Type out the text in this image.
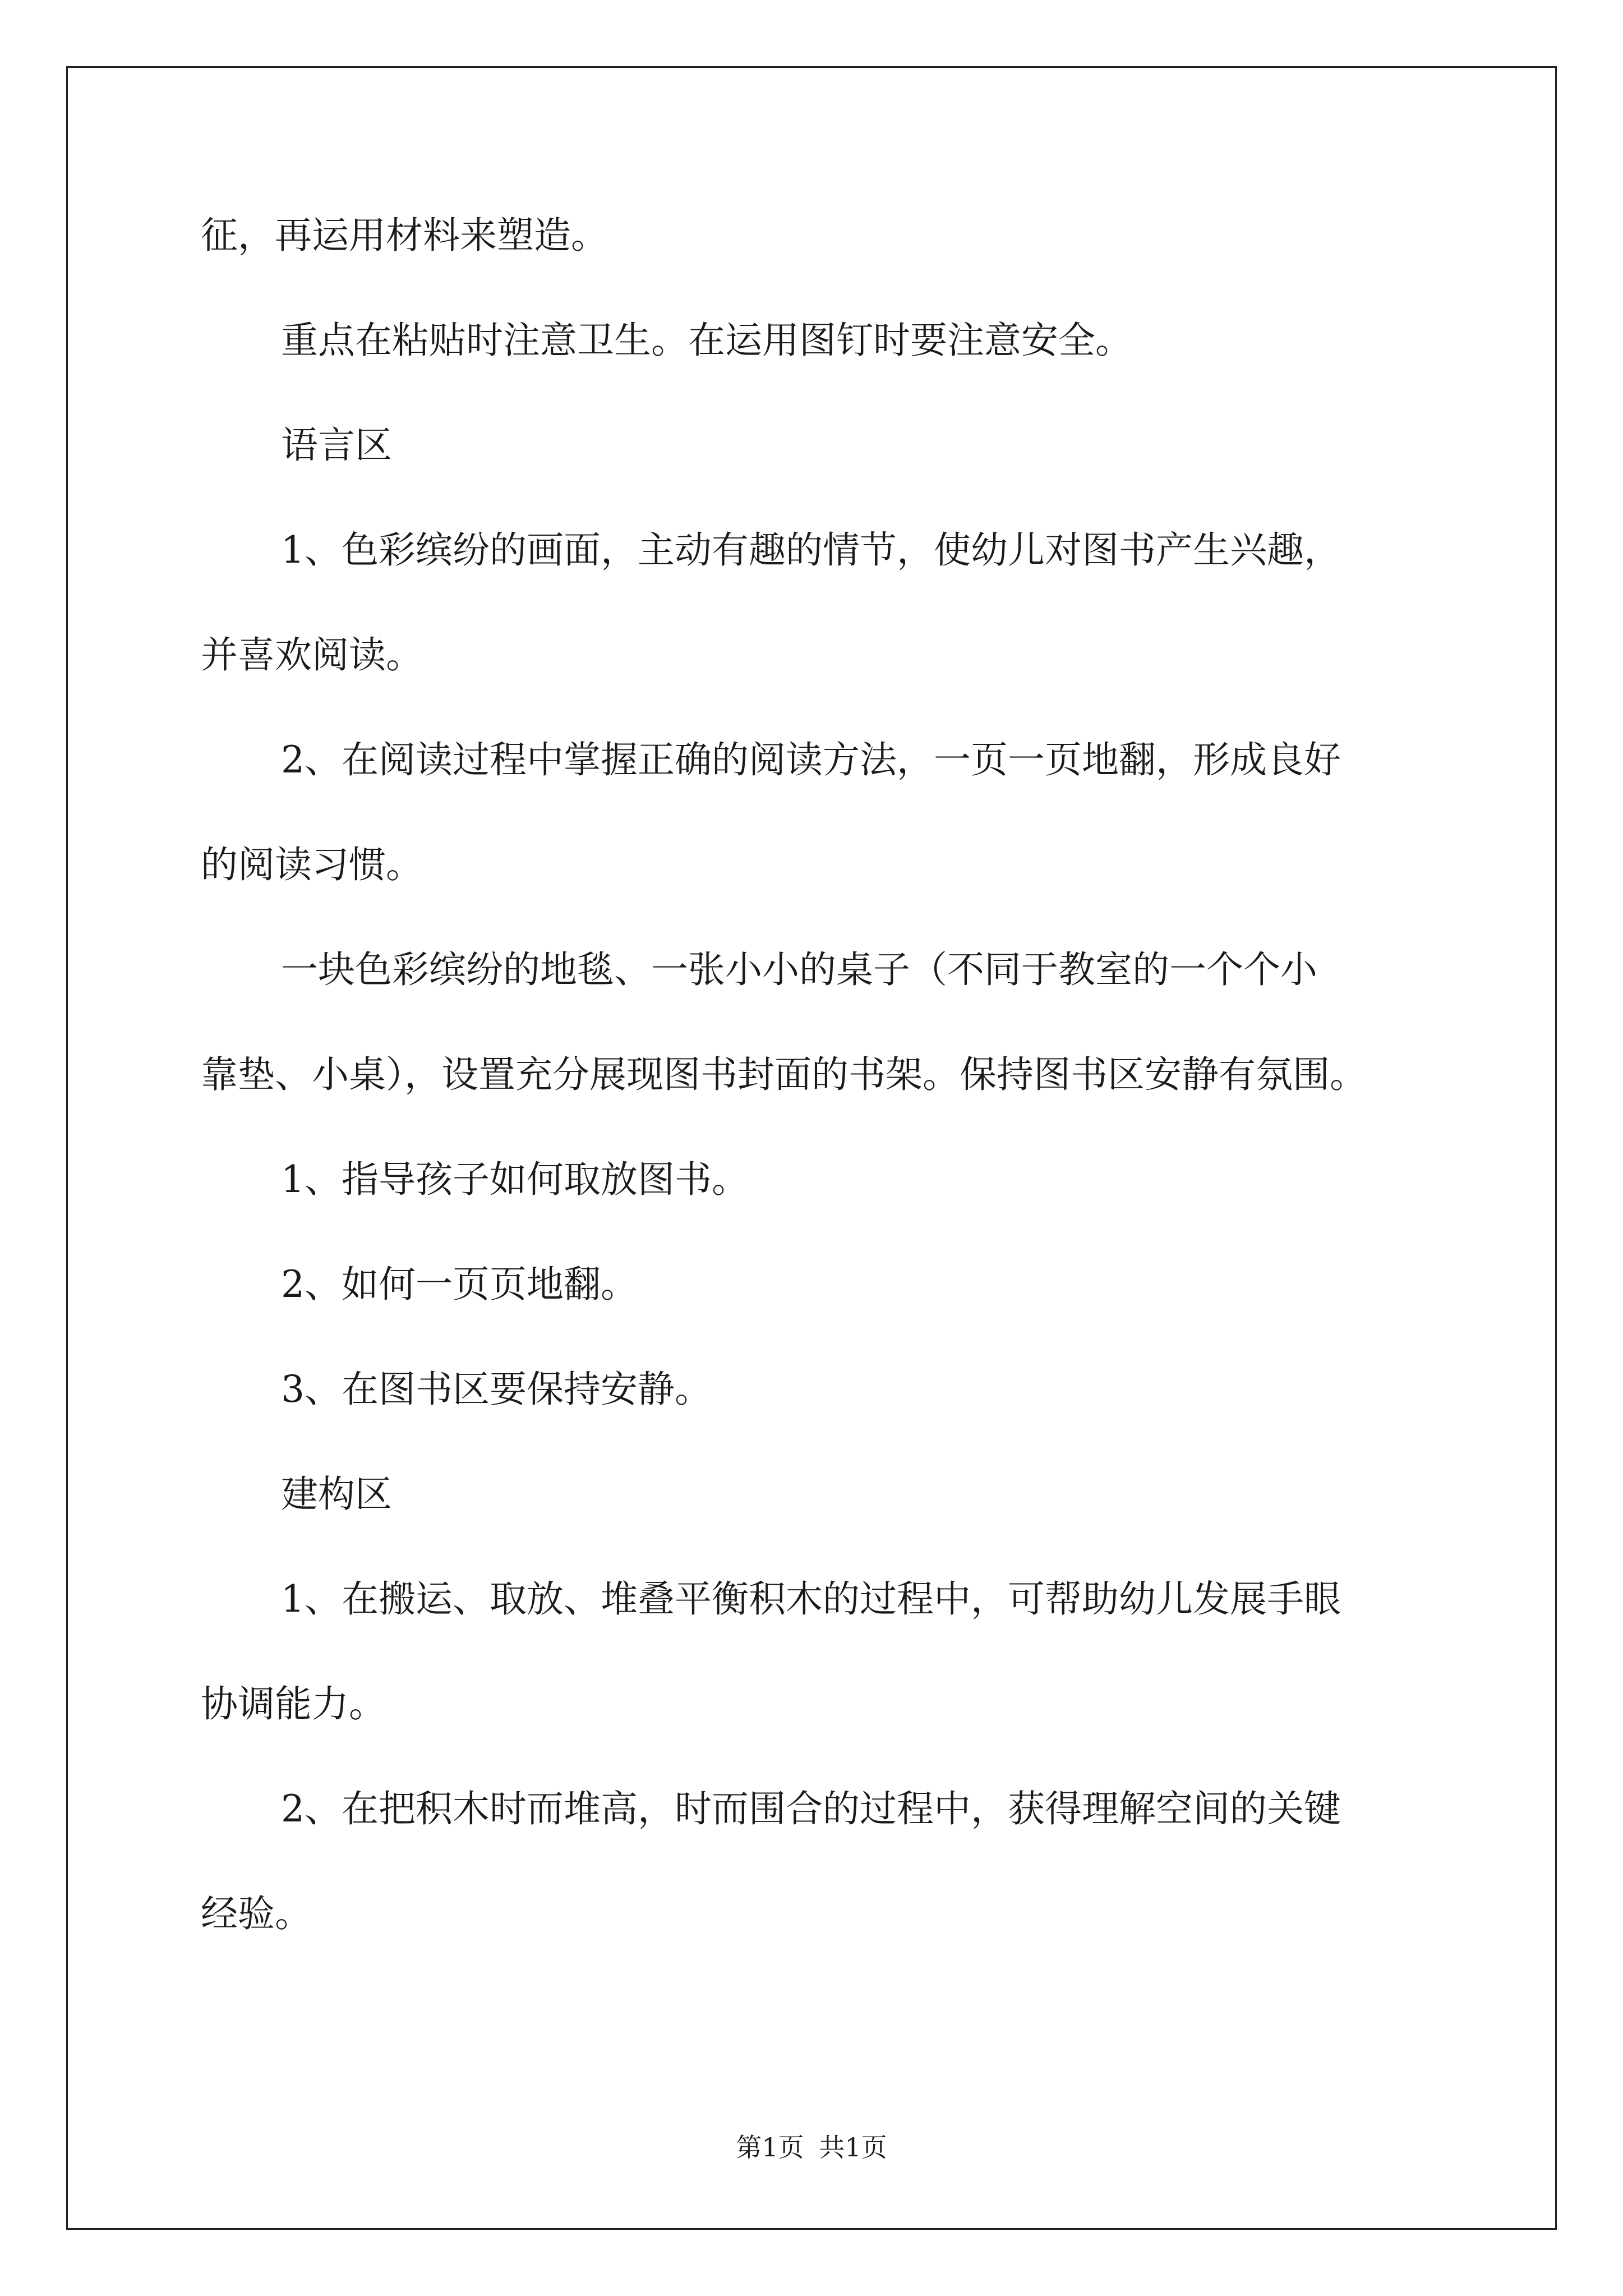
征，再运用材料来塑造。
重点在粘贴时注意卫生。在运用图钉时要注意安全。
语言区
1、色彩缤纷的画面，主动有趣的情节，使幼儿对图书产生兴趣，
并喜欢阅读。
2、在阅读过程中掌握正确的阅读方法，一页一页地翻，形成良好
的阅读习惯。
一块色彩缤纷的地毯、一张小小的桌子（不同于教室的一个个小
靠垫、小桌），设置充分展现图书封面的书架。保持图书区安静有氛围。
1、指导孩子如何取放图书。
2、如何一页页地翻。
3、在图书区要保持安静。
建构区
1、在搬运、取放、堆叠平衡积木的过程中，可帮助幼儿发展手眼
协调能力。
2、在把积木时而堆高，时而围合的过程中，获得理解空间的关键
经验。
第1页 共1页
